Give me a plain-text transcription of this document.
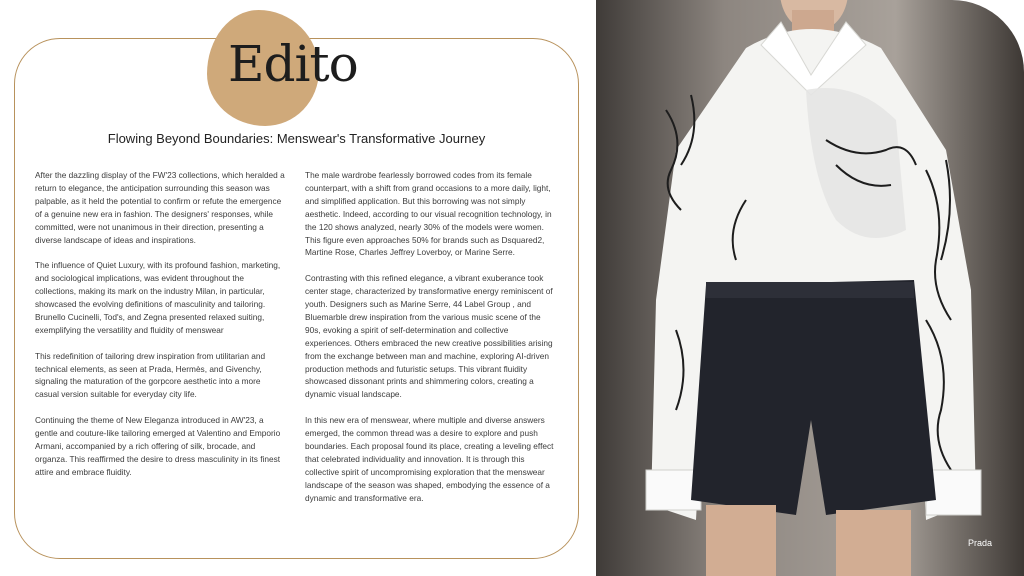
Edito
Flowing Beyond Boundaries: Menswear's Transformative Journey

After the dazzling display of the FW'23 collections, which heralded a return to elegance, the anticipation surrounding this season was palpable, as it held the potential to confirm or refute the emergence of a genuine new era in fashion. The designers' responses, while committed, were not unanimous in their direction, presenting a diverse landscape of ideas and inspirations.

The influence of Quiet Luxury, with its profound fashion, marketing, and sociological implications, was evident throughout the collections, making its mark on the industry Milan, in particular, showcased the evolving definitions of masculinity and tailoring. Brunello Cucinelli, Tod's, and Zegna presented relaxed suiting, exemplifying the versatility and fluidity of menswear

This redefinition of tailoring drew inspiration from utilitarian and technical elements, as seen at Prada, Hermès, and Givenchy, signaling the maturation of the gorpcore aesthetic into a more casual version suitable for everyday city life.

Continuing the theme of New Eleganza introduced in AW'23, a gentle and couture-like tailoring emerged at Valentino and Emporio Armani, accompanied by a rich offering of silk, brocade, and organza. This reaffirmed the desire to dress masculinity in its finest attire and embrace fluidity.

The male wardrobe fearlessly borrowed codes from its female counterpart, with a shift from grand occasions to a more daily, light, and simplified application. But this borrowing was not simply aesthetic. Indeed, according to our visual recognition technology, in the 120 shows analyzed, nearly 30% of the models were women. This figure even approaches 50% for brands such as Dsquared2, Martine Rose, Charles Jeffrey Loverboy, or Marine Serre.

Contrasting with this refined elegance, a vibrant exuberance took center stage, characterized by transformative energy reminiscent of youth. Designers such as Marine Serre, 44 Label Group , and Bluemarble drew inspiration from the various music scene of the 90s, evoking a spirit of self-determination and collective experiences. Others embraced the new creative possibilities arising from the exchange between man and machine, exploring AI-driven production methods and futuristic setups. This vibrant fluidity showcased dissonant prints and shimmering colors, creating a dynamic visual landscape.

In this new era of menswear, where multiple and diverse answers emerged, the common thread was a desire to explore and push boundaries. Each proposal found its place, creating a leveling effect that celebrated individuality and innovation. It is through this collective spirit of uncompromising exploration that the menswear landscape of the season was shaped, embodying the essence of a dynamic and transformative era.

Prada
